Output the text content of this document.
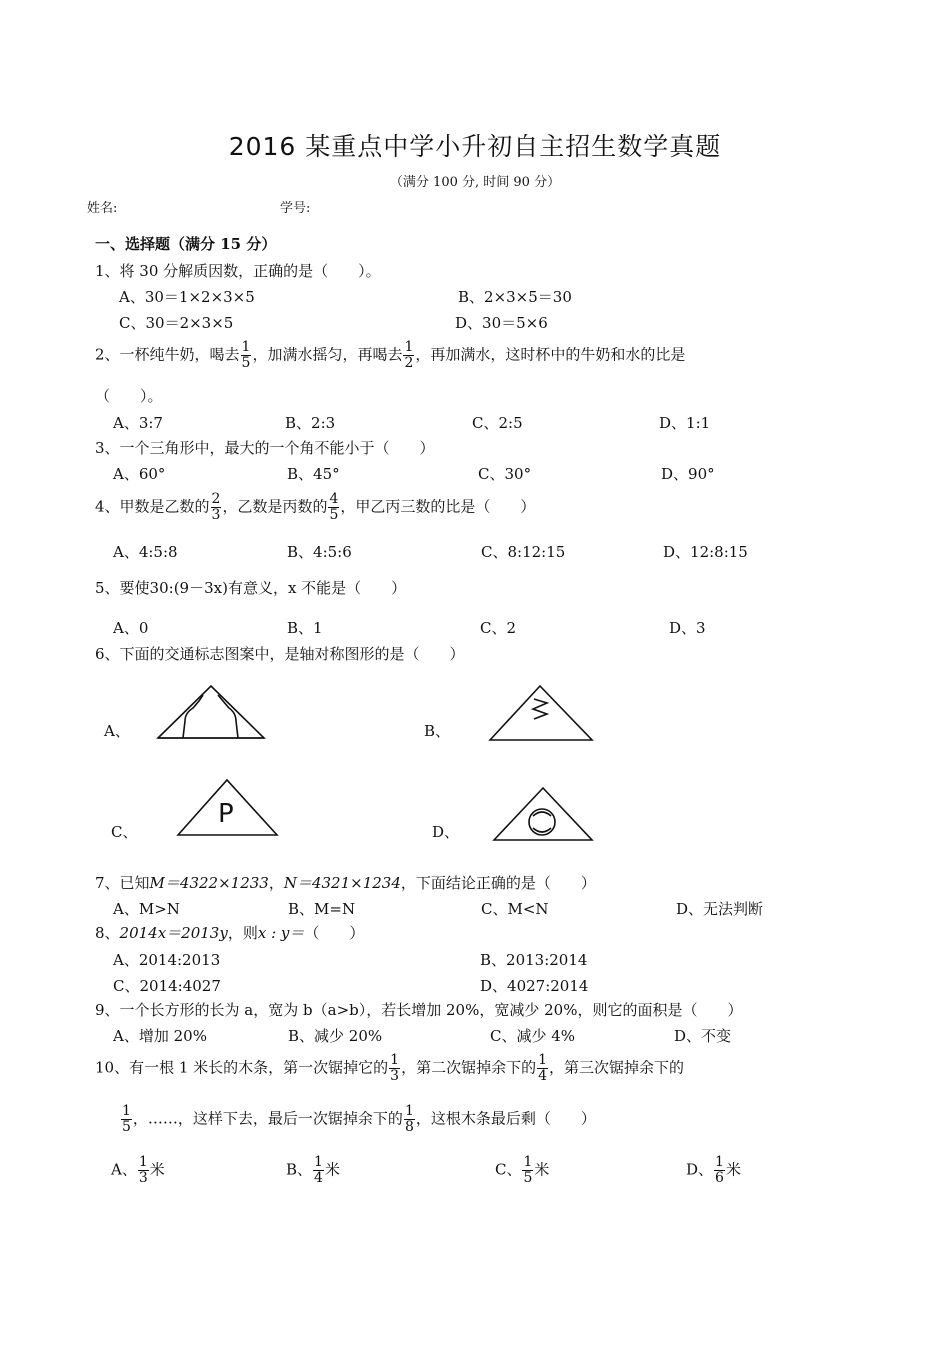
2016 某重点中学小升初自主招生数学真题
（满分 100 分, 时间 90 分）
姓名:	学号:
一、选择题（满分 15 分）
1、将 30 分解质因数，正确的是（　　）。
A、30＝1×2×3×5	B、2×3×5＝30
C、30＝2×3×5	D、30＝5×6
2、一杯纯牛奶，喝去 $\frac{1}{5}$ ，加满水摇匀，再喝去 $\frac{1}{2}$ ，再加满水，这时杯中的牛奶和水的比是
（　　）。
A、3:7	B、2:3	C、2:5	D、1:1
3、一个三角形中，最大的一个角不能小于（　　）
A、60°	B、45°	C、30°	D、90°
4、甲数是乙数的 $\frac{2}{3}$ ，乙数是丙数的 $\frac{4}{5}$ ，甲乙丙三数的比是（　　）
A、4:5:8	B、4:5:6	C、8:12:15	D、12:8:15
5、要使30:(9－3x)有意义，x 不能是（　　）
A、0	B、1	C、2	D、3
6、下面的交通标志图案中，是轴对称图形的是（　　）
A、	B、
C、	D、
P
7、已知M＝4322×1233，N＝4321×1234，下面结论正确的是（　　）
A、M>N	B、M=N	C、M<N	D、无法判断
8、2014x＝2013y，则x : y＝（　　）
A、2014:2013	B、2013:2014
C、2014:4027	D、4027:2014
9、一个长方形的长为 a，宽为 b（a>b），若长增加 20%，宽减少 20%，则它的面积是（　　）
A、增加 20%	B、减少 20%	C、减少 4%	D、不变
10、有一根 1 米长的木条，第一次锯掉它的 $\frac{1}{3}$ ，第二次锯掉余下的 $\frac{1}{4}$ ，第三次锯掉余下的
$\frac{1}{5}$ ，……，这样下去，最后一次锯掉余下的 $\frac{1}{8}$ ，这根木条最后剩（　　）
A、 $\frac{1}{3}$ 米	B、 $\frac{1}{4}$ 米	C、 $\frac{1}{5}$ 米	D、 $\frac{1}{6}$ 米
